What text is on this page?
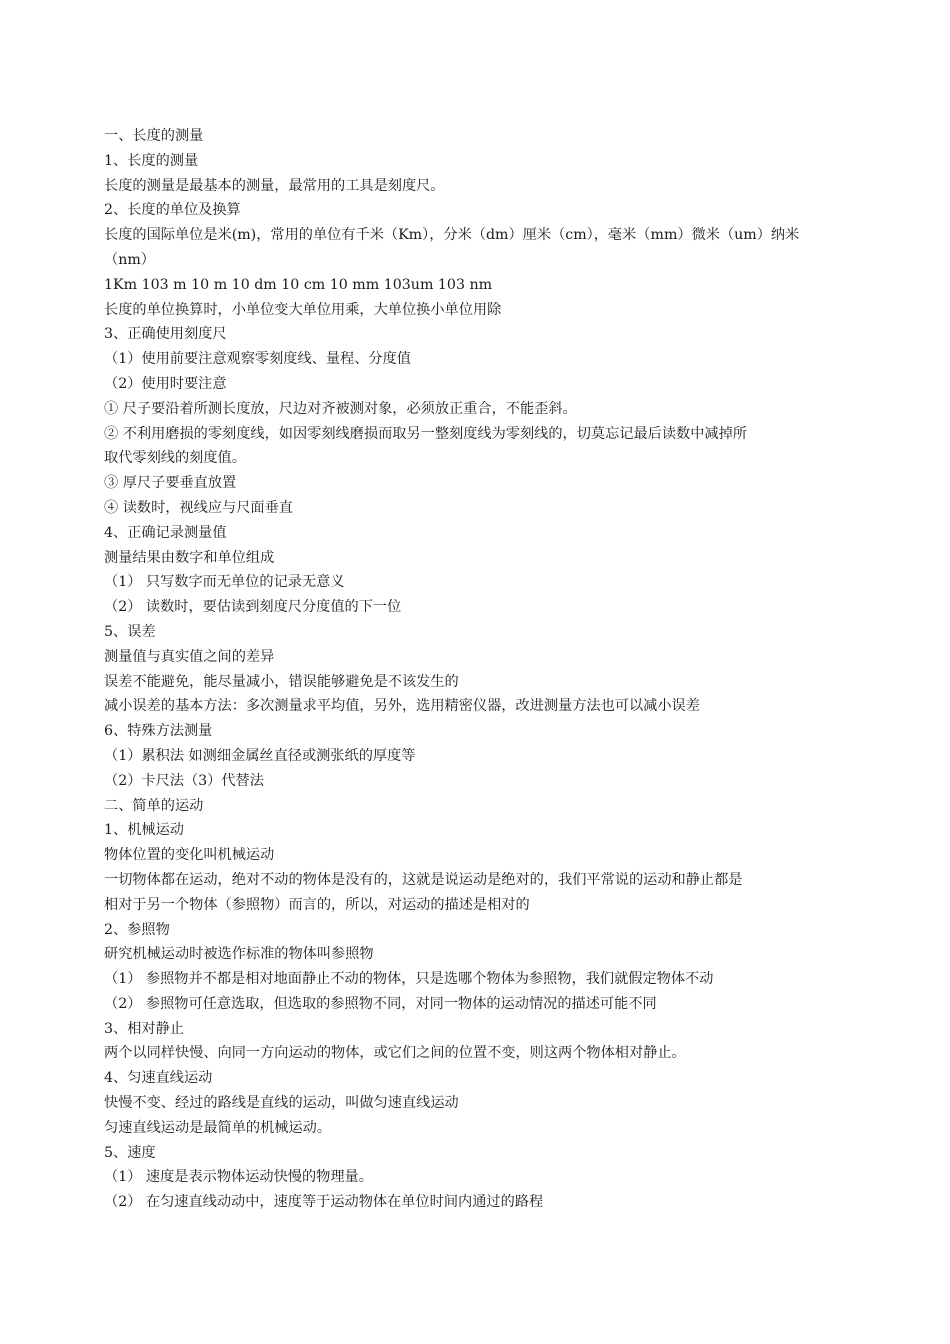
一、长度的测量

1、长度的测量

长度的测量是最基本的测量，最常用的工具是刻度尺。

2、长度的单位及换算

长度的国际单位是米(m)，常用的单位有千米（Km），分米（dm）厘米（cm），毫米（mm）微米（um）纳米

（nm）

1Km 103 m 10 m 10 dm 10 cm 10 mm 103um 103 nm

长度的单位换算时，小单位变大单位用乘，大单位换小单位用除

3、正确使用刻度尺

（1）使用前要注意观察零刻度线、量程、分度值

（2）使用时要注意

① 尺子要沿着所测长度放，尺边对齐被测对象，必须放正重合，不能歪斜。

② 不利用磨损的零刻度线，如因零刻线磨损而取另一整刻度线为零刻线的，切莫忘记最后读数中减掉所

取代零刻线的刻度值。

③ 厚尺子要垂直放置

④ 读数时，视线应与尺面垂直

4、正确记录测量值

测量结果由数字和单位组成

（1） 只写数字而无单位的记录无意义

（2） 读数时，要估读到刻度尺分度值的下一位

5、误差

测量值与真实值之间的差异

误差不能避免，能尽量减小，错误能够避免是不该发生的

减小误差的基本方法：多次测量求平均值，另外，选用精密仪器，改进测量方法也可以减小误差

6、特殊方法测量

（1）累积法 如测细金属丝直径或测张纸的厚度等

（2）卡尺法（3）代替法

二、简单的运动

1、机械运动

物体位置的变化叫机械运动

一切物体都在运动，绝对不动的物体是没有的，这就是说运动是绝对的，我们平常说的运动和静止都是

相对于另一个物体（参照物）而言的，所以，对运动的描述是相对的

2、参照物

研究机械运动时被选作标准的物体叫参照物

（1） 参照物并不都是相对地面静止不动的物体，只是选哪个物体为参照物，我们就假定物体不动

（2） 参照物可任意选取，但选取的参照物不同，对同一物体的运动情况的描述可能不同

3、相对静止

两个以同样快慢、向同一方向运动的物体，或它们之间的位置不变，则这两个物体相对静止。

4、匀速直线运动

快慢不变、经过的路线是直线的运动，叫做匀速直线运动

匀速直线运动是最简单的机械运动。

5、速度

（1） 速度是表示物体运动快慢的物理量。

（2） 在匀速直线动动中，速度等于运动物体在单位时间内通过的路程
